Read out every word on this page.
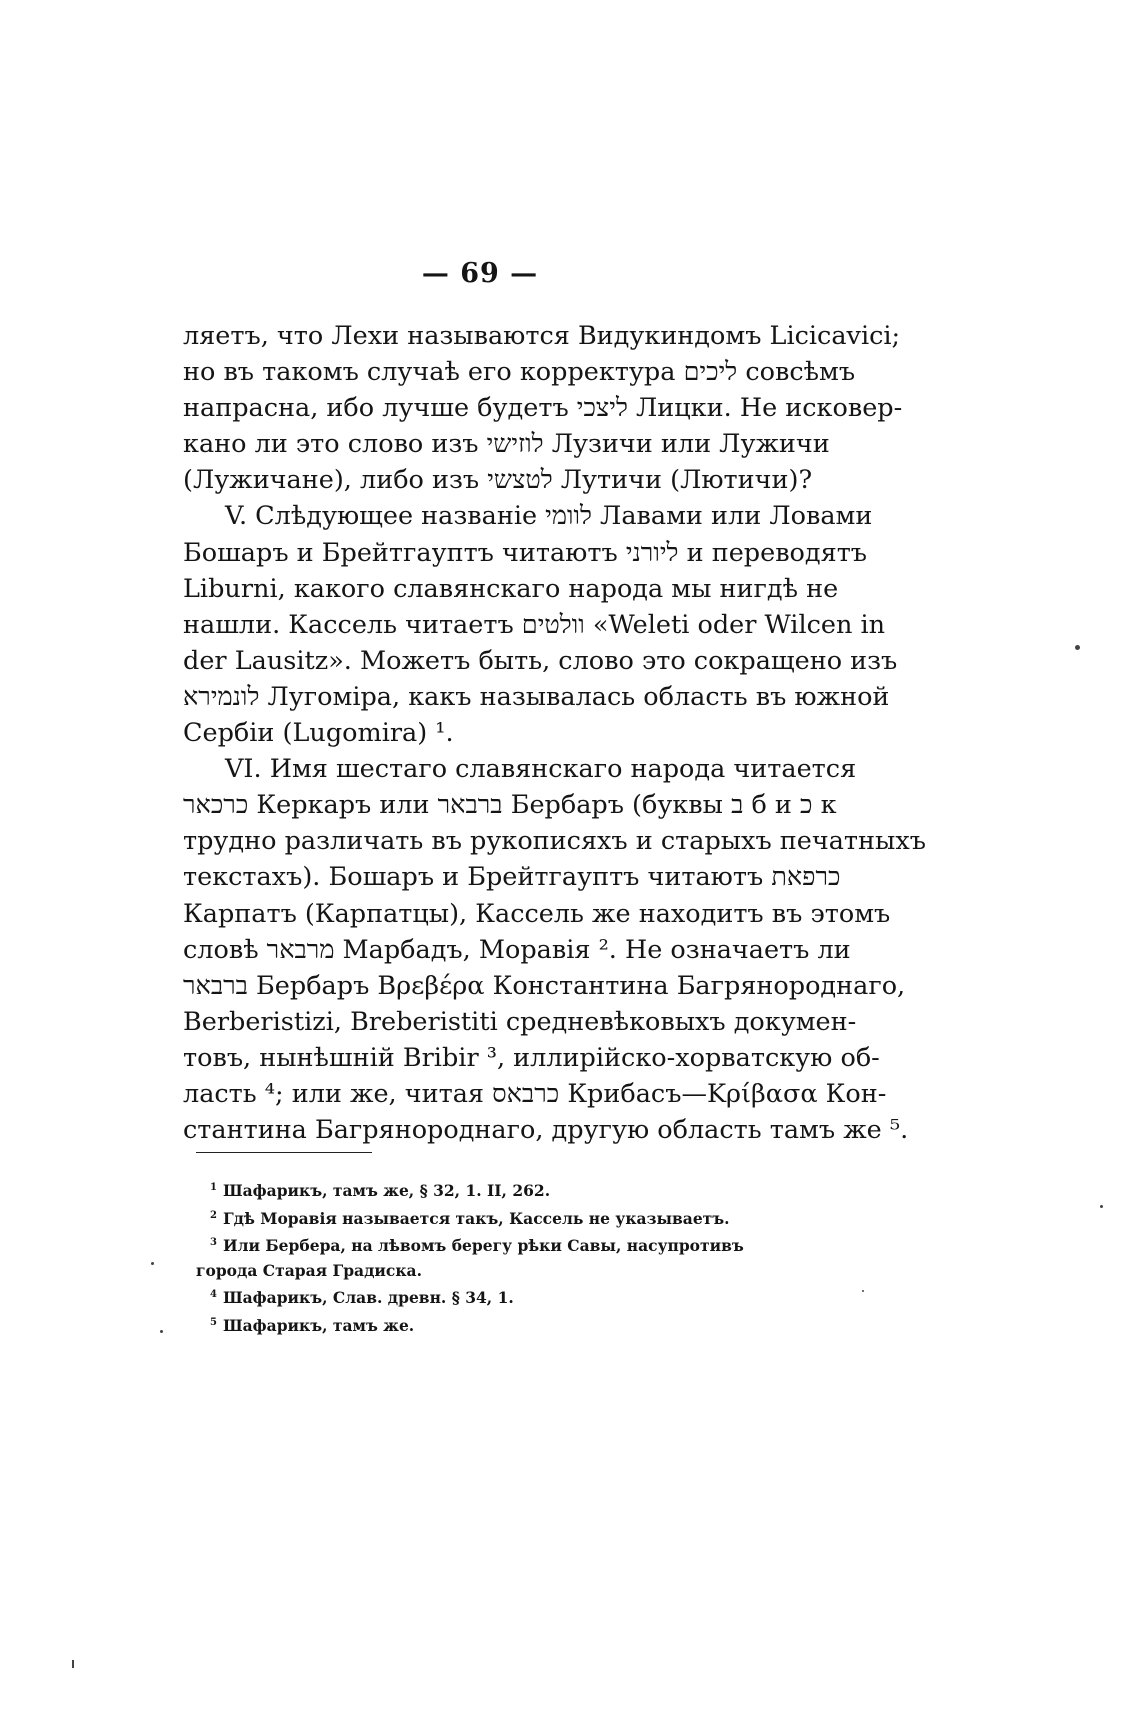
— 69 —
ляетъ, что Лехи называются Видукиндомъ Licicavici;
но въ такомъ случаѣ его корректура ליכים совсѣмъ
напрасна, ибо лучше будетъ ליצכי Лицки. Не исковер-
кано ли это слово изъ לוזישי Лузичи или Лужичи
(Лужичане), либо изъ לטצשי Лутичи (Лютичи)?
V. Слѣдующее названіе לוומי Лавами или Ловами
Бошаръ и Брейтгауптъ читаютъ ליורני и переводятъ
Liburni, какого славянскаго народа мы нигдѣ не
нашли. Кассель читаетъ וולטים «Weleti oder Wilcen in
der Lausitz». Можетъ быть, слово это сокращено изъ
לונמירא Лугоміра, какъ называлась область въ южной
Сербіи (Lugomira) ¹.
VI. Имя шестаго славянскаго народа читается
כרכאר Керкаръ или ברבאר Бербаръ (буквы ב б и כ к
трудно различать въ рукописяхъ и старыхъ печатныхъ
текстахъ). Бошаръ и Брейтгауптъ читаютъ כרפאת
Карпатъ (Карпатцы), Кассель же находитъ въ этомъ
словѣ מרבאר Марбадъ, Моравія ². Не означаетъ ли
ברבאר Бербаръ Βρεβέρα Константина Багрянороднаго,
Berberistizi, Breberistiti средневѣковыхъ докумен-
товъ, нынѣшній Bribir ³, иллирійско-хорватскую об-
ласть ⁴; или же, читая כרבאס Крибасъ—Κρίβασα Кон-
стантина Багрянороднаго, другую область тамъ же ⁵.
$^1$ Шафарикъ, тамъ же, § 32, 1. II, 262.
$^2$ Гдѣ Моравія называется такъ, Кассель не указываетъ.
$^3$ Или Бербера, на лѣвомъ берегу рѣки Савы, насупротивъ
города Старая Градиска.
$^4$ Шафарикъ, Слав. древн. § 34, 1.
$^5$ Шафарикъ, тамъ же.
